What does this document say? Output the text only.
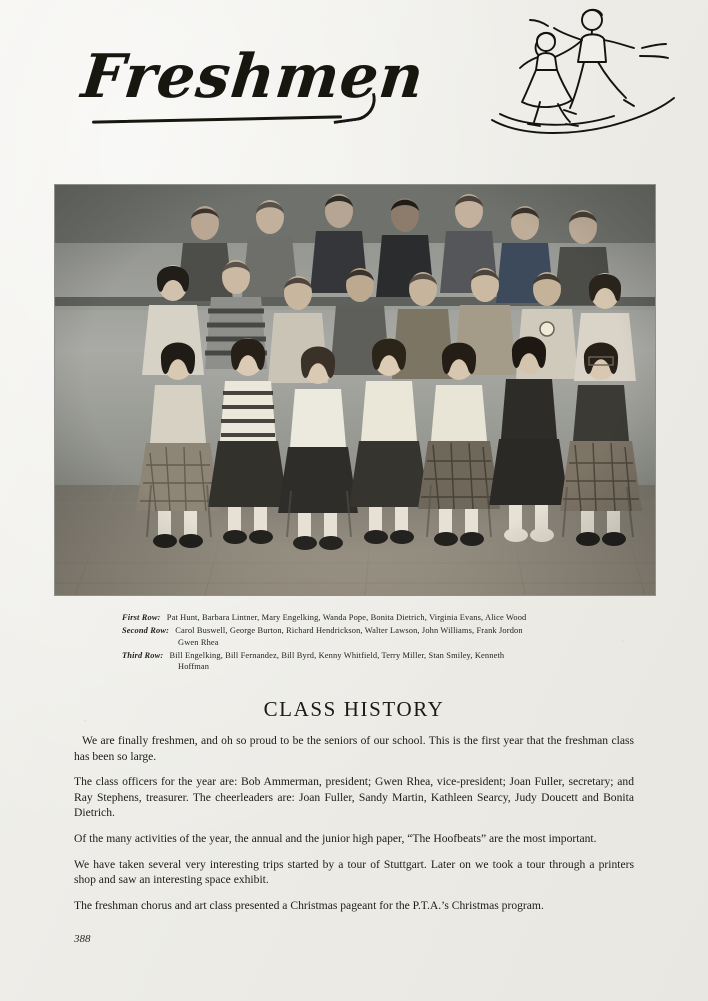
Freshmen
First Row: Pat Hunt, Barbara Lintner, Mary Engelking, Wanda Pope, Bonita Dietrich, Virginia Evans, Alice Wood
Second Row: Carol Buswell, George Burton, Richard Hendrickson, Walter Lawson, John Williams, Frank Jordon
Gwen Rhea
Third Row: Bill Engelking, Bill Fernandez, Bill Byrd, Kenny Whitfield, Terry Miller, Stan Smiley, Kenneth
Hoffman
CLASS HISTORY

We are finally freshmen, and oh so proud to be the seniors of our school. This is the first year that the freshman class has been so large.

The class officers for the year are: Bob Ammerman, president; Gwen Rhea, vice-president; Joan Fuller, secretary; and Ray Stephens, treasurer. The cheerleaders are: Joan Fuller, Sandy Martin, Kathleen Searcy, Judy Doucett and Bonita Dietrich.

Of the many activities of the year, the annual and the junior high paper, “The Hoofbeats” are the most important.

We have taken several very interesting trips started by a tour of Stuttgart. Later on we took a tour through a printers shop and saw an interesting space exhibit.

The freshman chorus and art class presented a Christmas pageant for the P.T.A.’s Christmas program.

388
